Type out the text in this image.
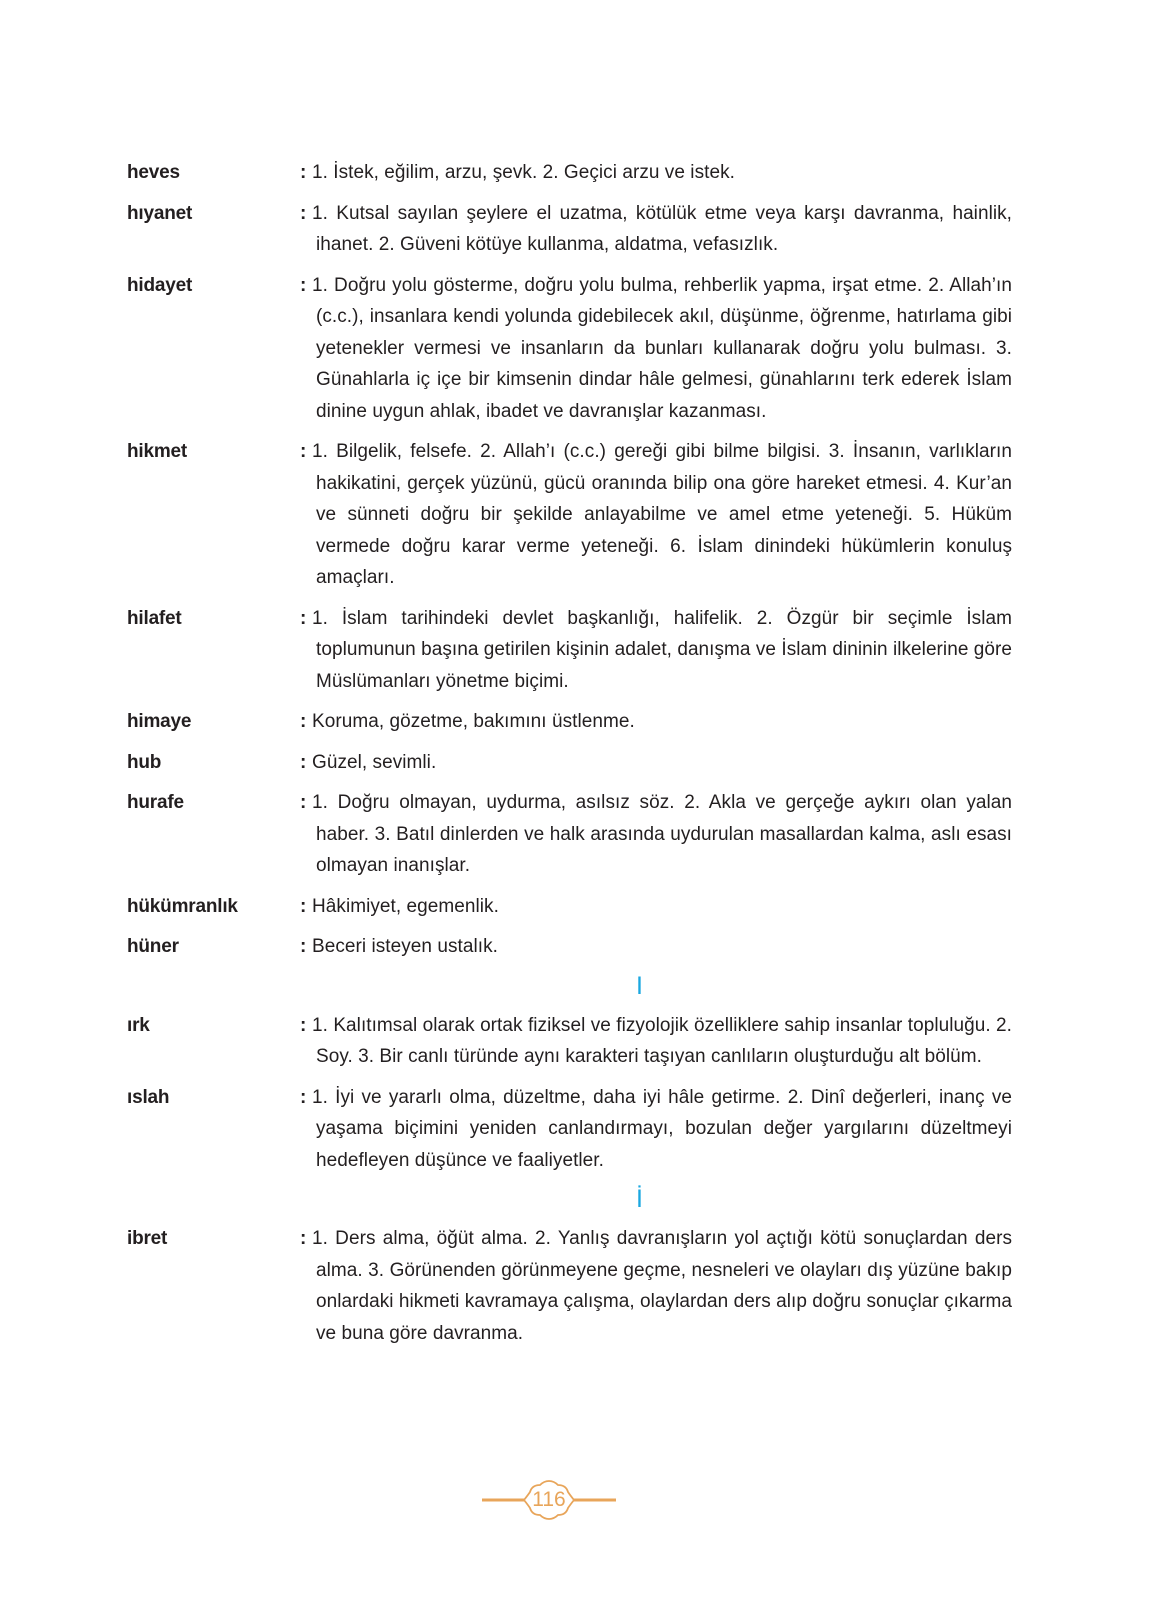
heves	: 1. İstek, eğilim, arzu, şevk. 2. Geçici arzu ve istek.
hıyanet	: 1. Kutsal sayılan şeylere el uzatma, kötülük etme veya karşı davranma, hainlik, ihanet. 2. Güveni kötüye kullanma, aldatma, vefasızlık.
hidayet	: 1. Doğru yolu gösterme, doğru yolu bulma, rehberlik yapma, irşat etme. 2. Allah’ın (c.c.), insanlara kendi yolunda gidebilecek akıl, düşünme, öğrenme, hatırlama gibi yetenekler vermesi ve insanların da bunları kullanarak doğru yolu bulması. 3. Günahlarla iç içe bir kimsenin dindar hâle gelmesi, günahlarını terk ederek İslam dinine uygun ahlak, ibadet ve davranışlar kazanması.
hikmet	: 1. Bilgelik, felsefe. 2. Allah’ı (c.c.) gereği gibi bilme bilgisi. 3. İnsanın, varlıkların hakikatini, gerçek yüzünü, gücü oranında bilip ona göre hareket etmesi. 4. Kur’an ve sünneti doğru bir şekilde anlayabilme ve amel etme yeteneği. 5. Hüküm vermede doğru karar verme yeteneği. 6. İslam dinindeki hükümlerin konuluş amaçları.
hilafet	: 1. İslam tarihindeki devlet başkanlığı, halifelik. 2. Özgür bir seçimle İslam toplumunun başına getirilen kişinin adalet, danışma ve İslam dininin ilkelerine göre Müslümanları yönetme biçimi.
himaye	: Koruma, gözetme, bakımını üstlenme.
hub	: Güzel, sevimli.
hurafe	: 1. Doğru olmayan, uydurma, asılsız söz. 2. Akla ve gerçeğe aykırı olan yalan haber. 3. Batıl dinlerden ve halk arasında uydurulan masallardan kalma, aslı esası olmayan inanışlar.
hükümranlık	: Hâkimiyet, egemenlik.
hüner	: Beceri isteyen ustalık.
I
ırk	: 1. Kalıtımsal olarak ortak fiziksel ve fizyolojik özelliklere sahip insanlar topluluğu. 2. Soy. 3. Bir canlı türünde aynı karakteri taşıyan canlıların oluşturduğu alt bölüm.
ıslah	: 1. İyi ve yararlı olma, düzeltme, daha iyi hâle getirme. 2. Dinî değerleri, inanç ve yaşama biçimini yeniden canlandırmayı, bozulan değer yargılarını düzeltmeyi hedefleyen düşünce ve faaliyetler.
İ
ibret	: 1. Ders alma, öğüt alma. 2. Yanlış davranışların yol açtığı kötü sonuçlardan ders alma. 3. Görünenden görünmeyene geçme, nesneleri ve olayları dış yüzüne bakıp onlardaki hikmeti kavramaya çalışma, olaylardan ders alıp doğru sonuçlar çıkarma ve buna göre davranma.
116
